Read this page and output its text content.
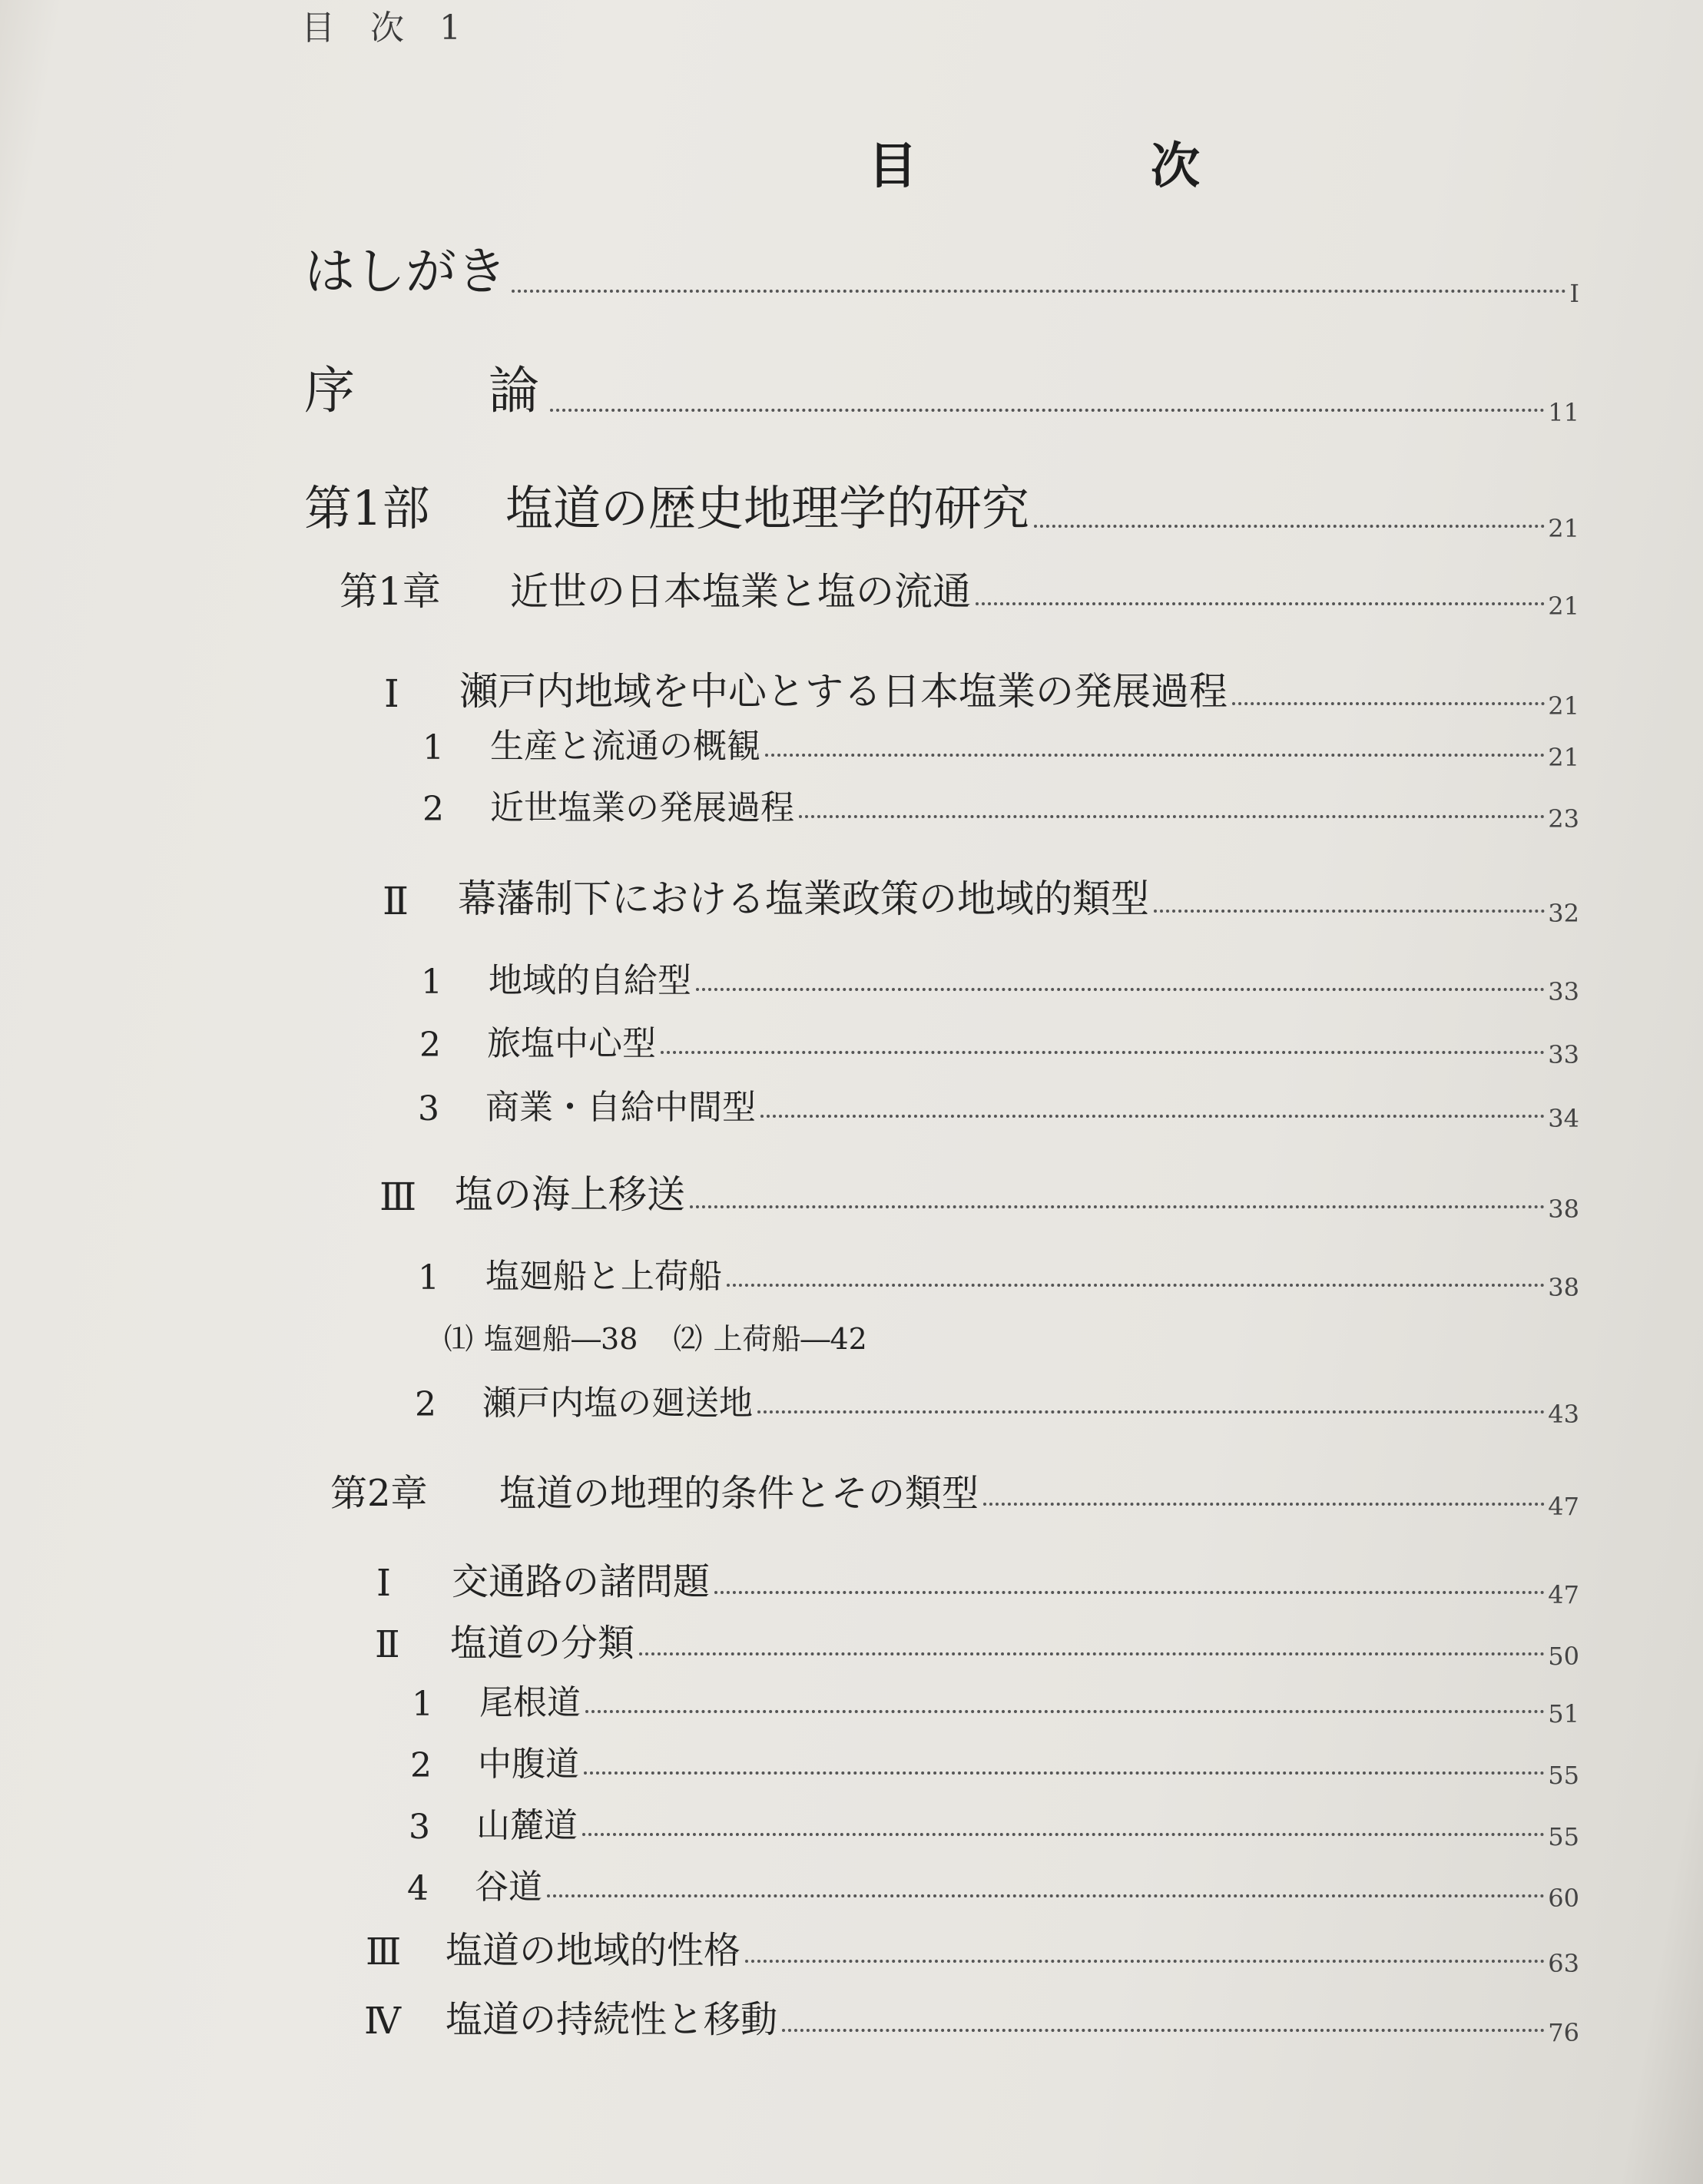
目 次 1
目　次
はしがき	I
序　論	11
第1部	塩道の歴史地理学的研究	21
第1章	近世の日本塩業と塩の流通	21
Ⅰ	瀬戸内地域を中心とする日本塩業の発展過程	21
1	生産と流通の概観	21
2	近世塩業の発展過程	23
Ⅱ	幕藩制下における塩業政策の地域的類型	32
1	地域的自給型	33
2	旅塩中心型	33
3	商業・自給中間型	34
Ⅲ 塩の海上移送	38
1	塩廻船と上荷船	38
⑴ 塩廻船―38 ⑵ 上荷船―42
2	瀬戸内塩の廻送地	43
第2章	塩道の地理的条件とその類型	47
Ⅰ	交通路の諸問題	47
Ⅱ	塩道の分類	50
1	尾根道	51
2	中腹道	55
3	山麓道	55
4	谷道	60
Ⅲ	塩道の地域的性格	63
Ⅳ	塩道の持続性と移動	76
